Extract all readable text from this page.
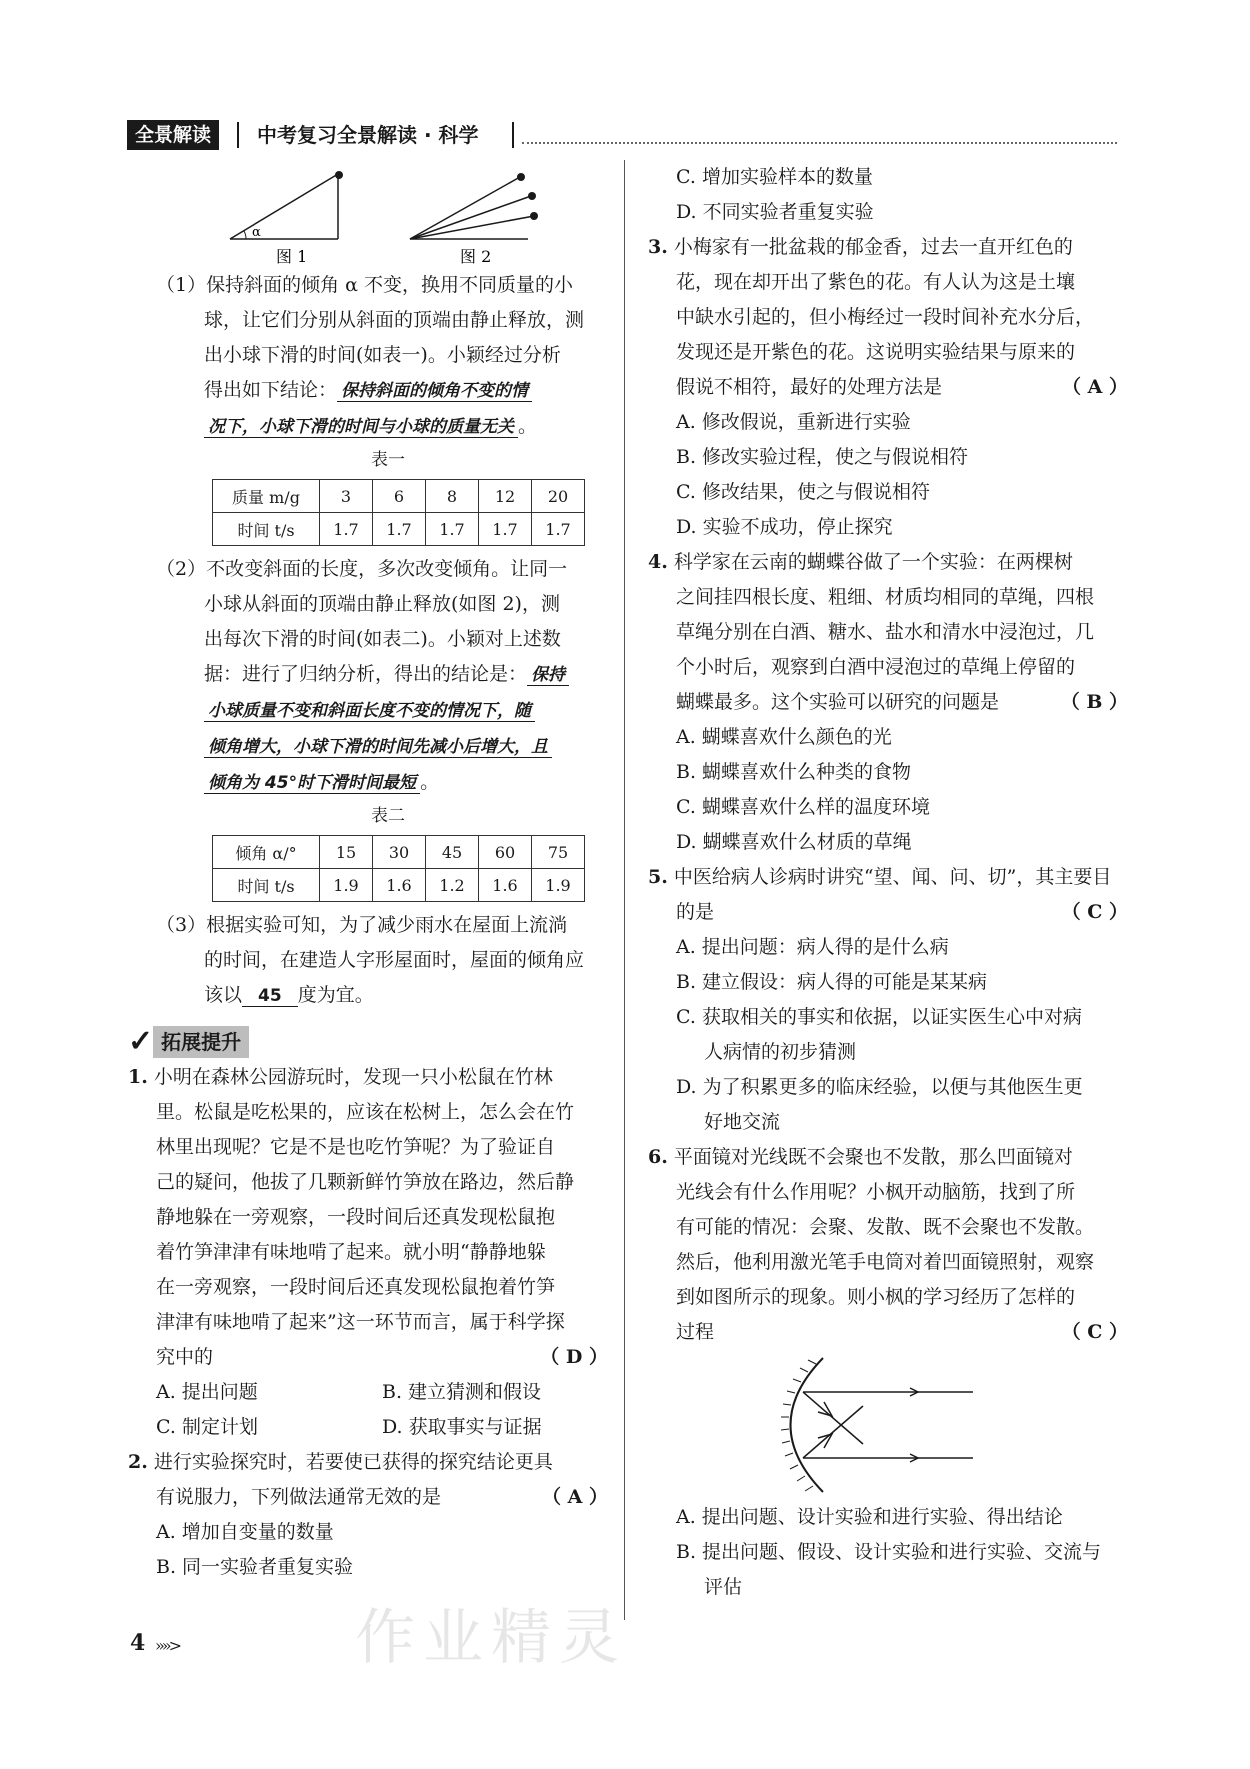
全景解读	中考复习全景解读 · 科学
α
图 1	图 2
（1）保持斜面的倾角 α 不变，换用不同质量的小
球，让它们分别从斜面的顶端由静止释放，测
出小球下滑的时间(如表一)。小颖经过分析
得出如下结论： 保持斜面的倾角不变的情
况下，小球下滑的时间与小球的质量无关 。
表一
质量 m/g	3	6	8	12	20
时间 t/s	1.7	1.7	1.7	1.7	1.7
（2）不改变斜面的长度，多次改变倾角。让同一
小球从斜面的顶端由静止释放(如图 2)，测
出每次下滑的时间(如表二)。小颖对上述数
据：进行了归纳分析，得出的结论是： 保持
小球质量不变和斜面长度不变的情况下，随
倾角增大，小球下滑的时间先减小后增大，且
倾角为 45°时下滑时间最短 。
表二
倾角 α/°	15	30	45	60	75
时间 t/s	1.9	1.6	1.2	1.6	1.9
（3）根据实验可知，为了减少雨水在屋面上流淌
的时间，在建造人字形屋面时，屋面的倾角应
该以 45 度为宜。
✓ 拓展提升
1. 小明在森林公园游玩时，发现一只小松鼠在竹林
里。松鼠是吃松果的，应该在松树上，怎么会在竹
林里出现呢？它是不是也吃竹笋呢？为了验证自
己的疑问，他拔了几颗新鲜竹笋放在路边，然后静
静地躲在一旁观察，一段时间后还真发现松鼠抱
着竹笋津津有味地啃了起来。就小明“静静地躲
在一旁观察，一段时间后还真发现松鼠抱着竹笋
津津有味地啃了起来”这一环节而言，属于科学探
究中的	（ D ）
A. 提出问题	B. 建立猜测和假设
C. 制定计划	D. 获取事实与证据
2. 进行实验探究时，若要使已获得的探究结论更具
有说服力，下列做法通常无效的是	（ A ）
A. 增加自变量的数量
B. 同一实验者重复实验
C. 增加实验样本的数量
D. 不同实验者重复实验
3. 小梅家有一批盆栽的郁金香，过去一直开红色的
花，现在却开出了紫色的花。有人认为这是土壤
中缺水引起的，但小梅经过一段时间补充水分后，
发现还是开紫色的花。这说明实验结果与原来的
假说不相符，最好的处理方法是	（ A ）
A. 修改假说，重新进行实验
B. 修改实验过程，使之与假说相符
C. 修改结果，使之与假说相符
D. 实验不成功，停止探究
4. 科学家在云南的蝴蝶谷做了一个实验：在两棵树
之间挂四根长度、粗细、材质均相同的草绳，四根
草绳分别在白酒、糖水、盐水和清水中浸泡过，几
个小时后，观察到白酒中浸泡过的草绳上停留的
蝴蝶最多。这个实验可以研究的问题是	（ B ）
A. 蝴蝶喜欢什么颜色的光
B. 蝴蝶喜欢什么种类的食物
C. 蝴蝶喜欢什么样的温度环境
D. 蝴蝶喜欢什么材质的草绳
5. 中医给病人诊病时讲究“望、闻、问、切”，其主要目
的是	（ C ）
A. 提出问题：病人得的是什么病
B. 建立假设：病人得的可能是某某病
C. 获取相关的事实和依据，以证实医生心中对病
人病情的初步猜测
D. 为了积累更多的临床经验，以便与其他医生更
好地交流
6. 平面镜对光线既不会聚也不发散，那么凹面镜对
光线会有什么作用呢？小枫开动脑筋，找到了所
有可能的情况：会聚、发散、既不会聚也不发散。
然后，他利用激光笔手电筒对着凹面镜照射，观察
到如图所示的现象。则小枫的学习经历了怎样的
过程	（ C ）
A. 提出问题、设计实验和进行实验、得出结论
B. 提出问题、假设、设计实验和进行实验、交流与
评估
作业精灵
4 »»>
